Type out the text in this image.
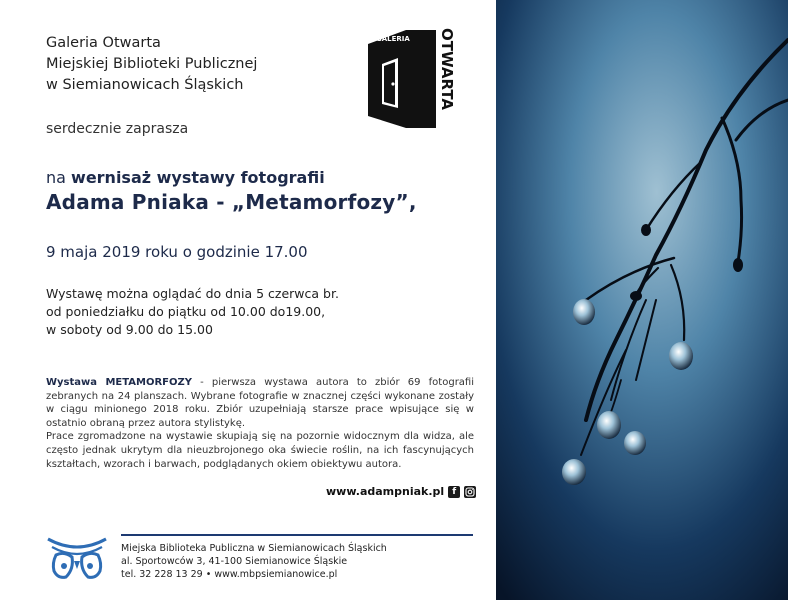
Galeria Otwarta
Miejskiej Biblioteki Publicznej
w Siemianowicach Śląskich
GALERIA OTWARTA
serdecznie zaprasza
na wernisaż wystawy fotografii
Adama Pniaka - „Metamorfozy”,
9 maja 2019 roku o godzinie 17.00
Wystawę można oglądać do dnia 5 czerwca br.
od poniedziałku do piątku od 10.00 do19.00,
w soboty od 9.00 do 15.00
Wystawa METAMORFOZY - pierwsza wystawa autora to zbiór 69 fotografii zebranych na 24 planszach. Wybrane fotografie w znacznej części wykonane zostały w ciągu minionego 2018 roku. Zbiór uzupełniają starsze prace wpisujące się w ostatnio obraną przez autora stylistykę.
Prace zgromadzone na wystawie skupiają się na pozornie widocznym dla widza, ale często jednak ukrytym dla nieuzbrojonego oka świecie roślin, na ich fascynujących kształtach, wzorach i barwach, podglądanych okiem obiektywu autora.
www.adampniak.pl f
Miejska Biblioteka Publiczna w Siemianowicach Śląskich
al. Sportowców 3, 41-100 Siemianowice Śląskie
tel. 32 228 13 29 • www.mbpsiemianowice.pl
